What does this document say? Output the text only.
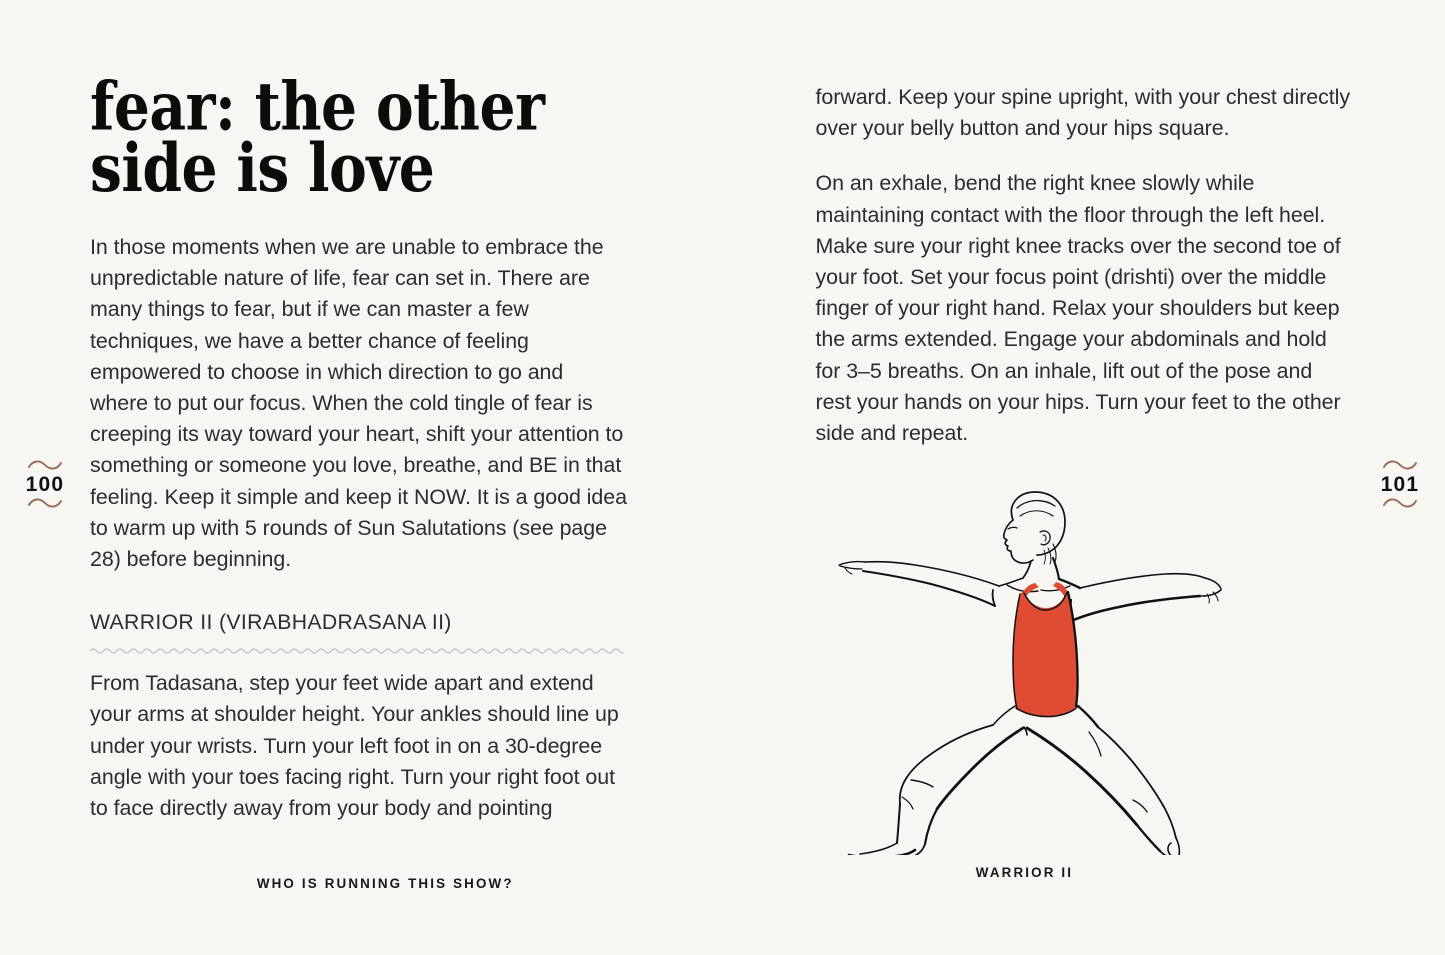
100
fear: the other
side is love

In those moments when we are unable to embrace the unpredictable nature of life, fear can set in. There are many things to fear, but if we can master a few techniques, we have a better chance of feeling empowered to choose in which direction to go and where to put our focus. When the cold tingle of fear is creeping its way toward your heart, shift your attention to something or someone you love, breathe, and BE in that feeling. Keep it simple and keep it NOW. It is a good idea to warm up with 5 rounds of Sun Salutations (see page 28) before beginning.

WARRIOR II (VIRABHADRASANA II)

From Tadasana, step your feet wide apart and extend your arms at shoulder height. Your ankles should line up under your wrists. Turn your left foot in on a 30-degree angle with your toes facing right. Turn your right foot out to face directly away from your body and pointing

WHO IS RUNNING THIS SHOW?
101

forward. Keep your spine upright, with your chest directly over your belly button and your hips square.

On an exhale, bend the right knee slowly while maintaining contact with the floor through the left heel. Make sure your right knee tracks over the second toe of your foot. Set your focus point (drishti) over the middle finger of your right hand. Relax your shoulders but keep the arms extended. Engage your abdominals and hold for 3–5 breaths. On an inhale, lift out of the pose and rest your hands on your hips. Turn your feet to the other side and repeat.

WARRIOR II
